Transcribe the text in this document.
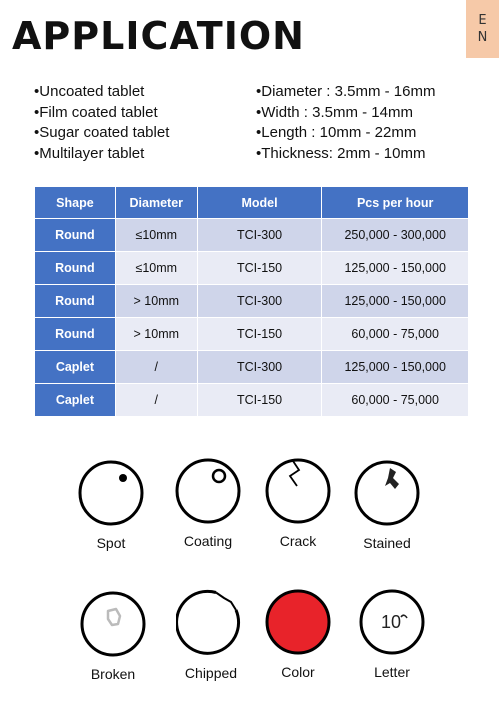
APPLICATION	E
N
• Uncoated tablet
• Film coated tablet
• Sugar coated tablet
• Multilayer tablet
• Diameter : 3.5mm - 16mm
• Width : 3.5mm - 14mm
• Length : 10mm - 22mm
• Thickness: 2mm - 10mm
Shape	Diameter	Model	Pcs per hour
Round	≤10mm	TCI-300	250,000 - 300,000
Round	≤10mm	TCI-150	125,000 - 150,000
Round	> 10mm	TCI-300	125,000 - 150,000
Round	> 10mm	TCI-150	60,000 - 75,000
Caplet	/	TCI-300	125,000 - 150,000
Caplet	/	TCI-150	60,000 - 75,000
Spot	Coating	Crack	Stained
Broken	Chipped	Color
10
Letter
